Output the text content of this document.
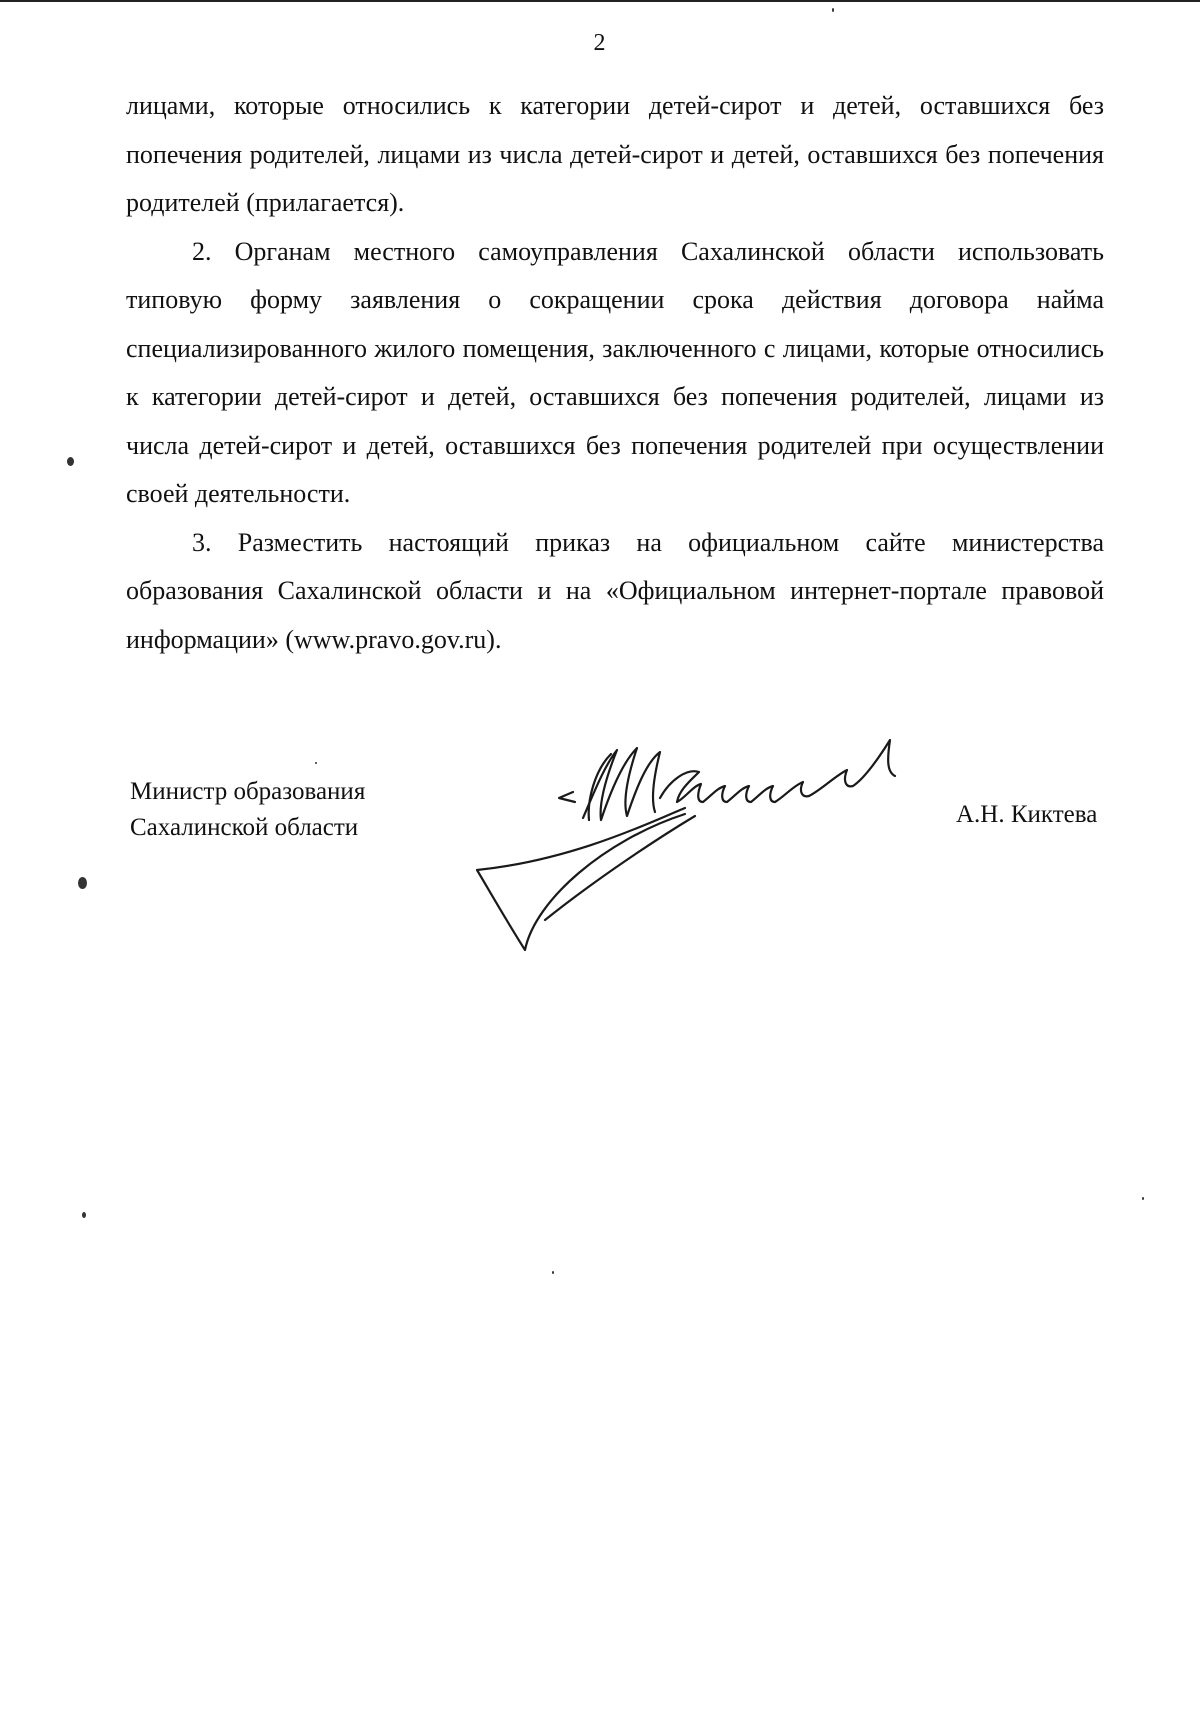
2

лицами, которые относились к категории детей-сирот и детей, оставшихся без попечения родителей, лицами из числа детей-сирот и детей, оставшихся без попечения родителей (прилагается).

2. Органам местного самоуправления Сахалинской области использовать типовую форму заявления о сокращении срока действия договора найма специализированного жилого помещения, заключенного с лицами, которые относились к категории детей-сирот и детей, оставшихся без попечения родителей, лицами из числа детей-сирот и детей, оставшихся без попечения родителей при осуществлении своей деятельности.

3. Разместить настоящий приказ на официальном сайте министерства образования Сахалинской области и на «Официальном интернет-портале правовой информации» (www.pravo.gov.ru).

Министр образования
Сахалинской области	А.Н. Киктева
